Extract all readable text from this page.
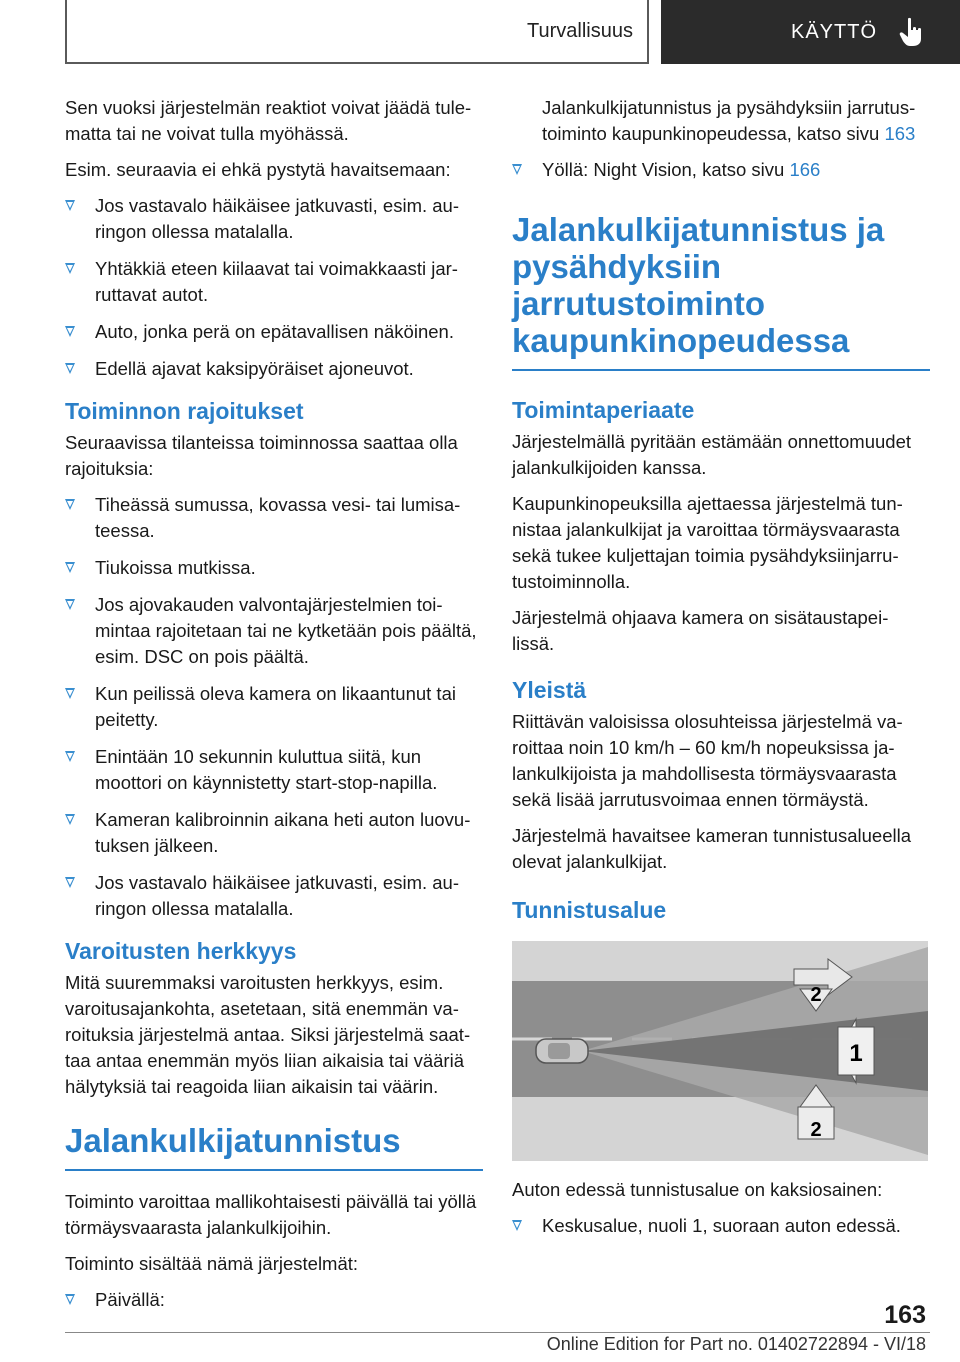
Turvallisuus	KÄYTTÖ

Sen vuoksi järjestelmän reaktiot voivat jäädä tule-matta tai ne voivat tulla myöhässä.

Esim. seuraavia ei ehkä pystytä havaitsemaan:

Jos vastavalo häikäisee jatkuvasti, esim. au-ringon ollessa matalalla.
Yhtäkkiä eteen kiilaavat tai voimakkaasti jar-ruttavat autot.
Auto, jonka perä on epätavallisen näköinen.
Edellä ajavat kaksipyöräiset ajoneuvot.
Toiminnon rajoitukset

Seuraavissa tilanteissa toiminnossa saattaa olla rajoituksia:

Tiheässä sumussa, kovassa vesi- tai lumisa-teessa.
Tiukoissa mutkissa.
Jos ajovakauden valvontajärjestelmien toi-mintaa rajoitetaan tai ne kytketään pois päältä, esim. DSC on pois päältä.
Kun peilissä oleva kamera on likaantunut tai peitetty.
Enintään 10 sekunnin kuluttua siitä, kun moottori on käynnistetty start-stop-napilla.
Kameran kalibroinnin aikana heti auton luovu-tuksen jälkeen.
Jos vastavalo häikäisee jatkuvasti, esim. au-ringon ollessa matalalla.
Varoitusten herkkyys

Mitä suuremmaksi varoitusten herkkyys, esim. varoitusajankohta, asetetaan, sitä enemmän va-roituksia järjestelmä antaa. Siksi järjestelmä saat-taa antaa enemmän myös liian aikaisia tai vääriä hälytyksiä tai reagoida liian aikaisin tai väärin.

Jalankulkijatunnistus

Toiminto varoittaa mallikohtaisesti päivällä tai yöllä törmäysvaarasta jalankulkijoihin.

Toiminto sisältää nämä järjestelmät:

Päivällä:

Jalankulkijatunnistus ja pysähdyksiin jarrutus-toiminto kaupunkinopeudessa, katso sivu 163

Yöllä: Night Vision, katso sivu 166
Jalankulkijatunnistus ja pysähdyksiin jarrutustoiminto kaupunkinopeudessa
Toimintaperiaate

Järjestelmällä pyritään estämään onnettomuudet jalankulkijoiden kanssa.

Kaupunkinopeuksilla ajettaessa järjestelmä tun-nistaa jalankulkijat ja varoittaa törmäysvaarasta sekä tukee kuljettajan toimia pysähdyksiinjarru-tustoiminnolla.

Järjestelmä ohjaava kamera on sisätaustapei-lissä.

Yleistä

Riittävän valoisissa olosuhteissa järjestelmä va-roittaa noin 10 km/h – 60 km/h nopeuksissa ja-lankulkijoista ja mahdollisesta törmäysvaarasta sekä lisää jarrutusvoimaa ennen törmäystä.

Järjestelmä havaitsee kameran tunnistusalueella olevat jalankulkijat.

Tunnistusalue
2
1
2

Auton edessä tunnistusalue on kaksiosainen:

Keskusalue, nuoli 1, suoraan auton edessä.
163
Online Edition for Part no. 01402722894 - VI/18
